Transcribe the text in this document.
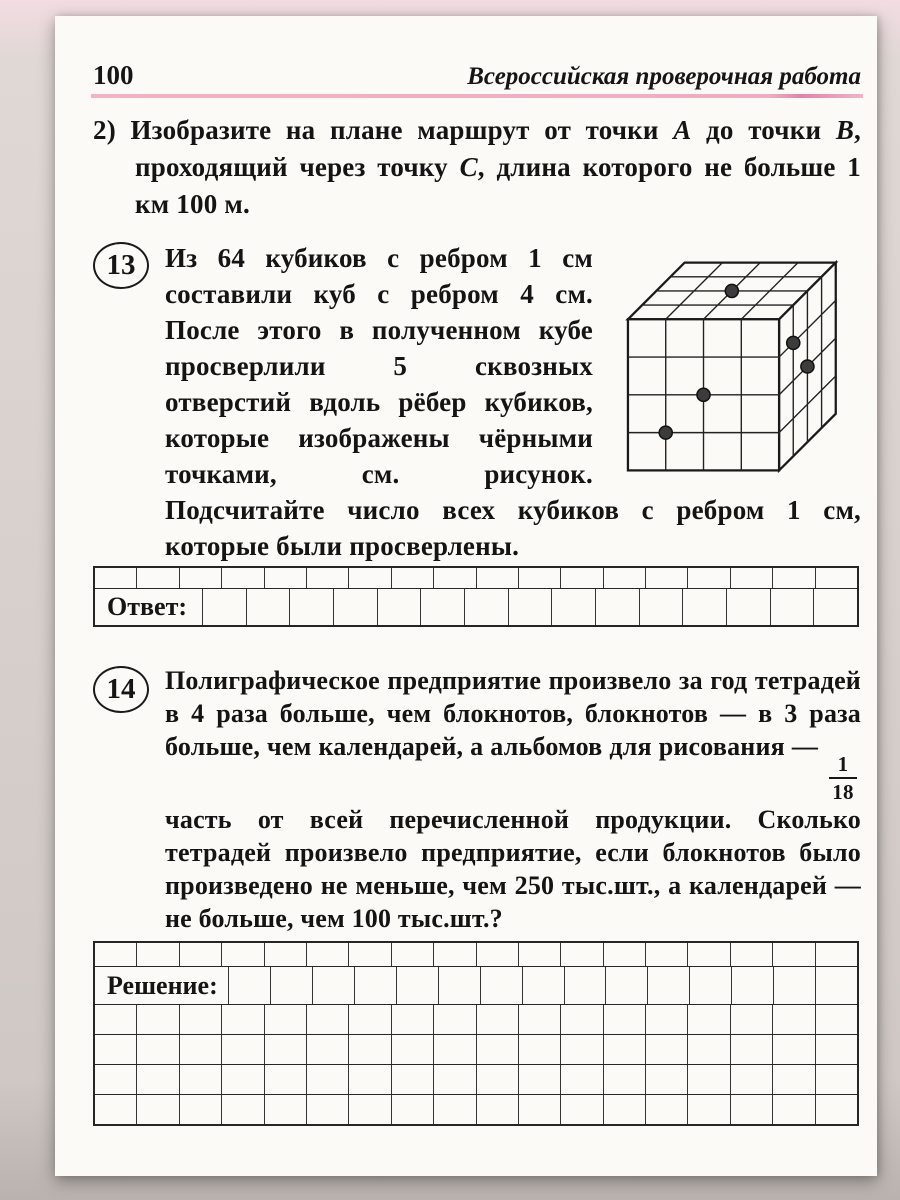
100	Всероссийская проверочная работа

2) Изобразите на плане маршрут от точки А до точки В, проходящий через точку С, длина которого не больше 1 км 100 м.

13 Из 64 кубиков с ребром 1 см составили куб с ребром 4 см. После этого в полученном кубе просверлили 5 сквозных отверстий вдоль рёбер кубиков, которые изображены чёрными точками, см. рисунок. Подсчитайте число всех кубиков с ребром 1 см, которые были просверлены.

Ответ:
14 Полиграфическое предприятие произвело за год тетрадей в 4 раза больше, чем блокнотов, блокнотов — в 3 раза больше, чем календарей, а альбомов для рисования —
$\frac{1}{18}$
часть от всей перечисленной продукции. Сколько тетрадей произвело предприятие, если блокнотов было произведено не меньше, чем 250 тыс.шт., а календарей — не больше, чем 100 тыс.шт.?

Решение:
